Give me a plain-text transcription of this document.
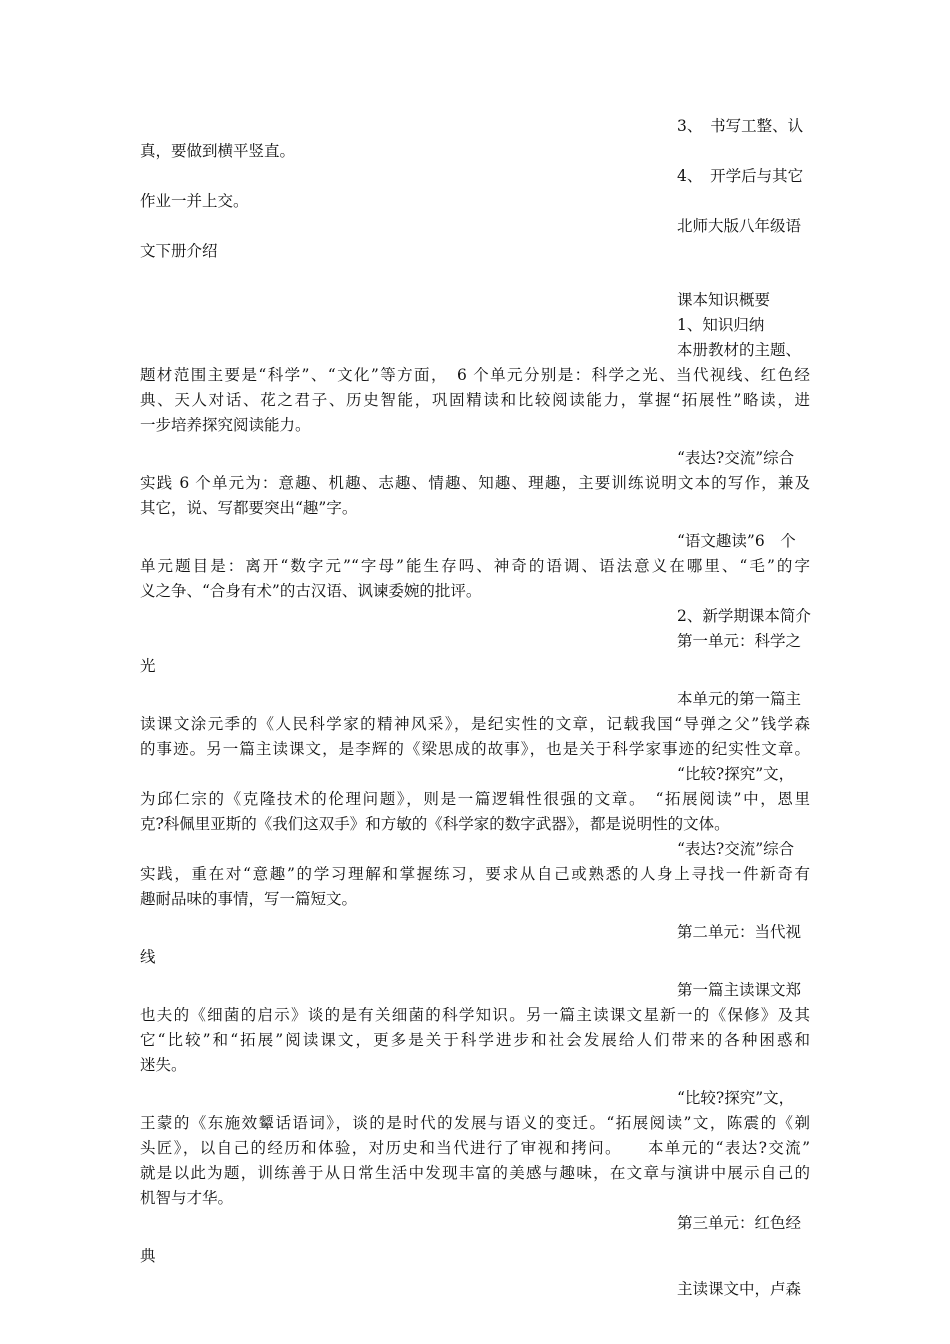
3、　书写工整、认
真，要做到横平竖直。
4、　开学后与其它
作业一并上交。
北师大版八年级语
文下册介绍
课本知识概要
1、知识归纳
本册教材的主题、
题材范围主要是“科学”、“文化”等方面，　6 个单元分别是：科学之光、当代视线、红色经
典、天人对话、花之君子、历史智能，巩固精读和比较阅读能力，掌握“拓展性”略读，进
一步培养探究阅读能力。
“表达?交流”综合
实践 6 个单元为：意趣、机趣、志趣、情趣、知趣、理趣，主要训练说明文本的写作，兼及
其它，说、写都要突出“趣”字。
“语文趣读”6　个
单元题目是：离开“数字元”“字母”能生存吗、神奇的语调、语法意义在哪里、“毛”的字
义之争、“合身有术”的古汉语、讽谏委婉的批评。
2、新学期课本简介
第一单元：科学之
光
本单元的第一篇主
读课文涂元季的《人民科学家的精神风采》，是纪实性的文章，记载我国“导弹之父”钱学森
的事迹。另一篇主读课文，是李辉的《梁思成的故事》，也是关于科学家事迹的纪实性文章。
“比较?探究”文，
为邱仁宗的《克隆技术的伦理问题》，则是一篇逻辑性很强的文章。　“拓展阅读”中，恩里
克?科佩里亚斯的《我们这双手》和方敏的《科学家的数字武器》，都是说明性的文体。
“表达?交流”综合
实践，重在对“意趣”的学习理解和掌握练习，要求从自己或熟悉的人身上寻找一件新奇有
趣耐品味的事情，写一篇短文。
第二单元：当代视
线
第一篇主读课文郑
也夫的《细菌的启示》谈的是有关细菌的科学知识。另一篇主读课文星新一的《保修》及其
它“比较”和“拓展”阅读课文，更多是关于科学进步和社会发展给人们带来的各种困惑和
迷失。
“比较?探究”文，
王蒙的《东施效颦话语词》，谈的是时代的发展与语义的变迁。“拓展阅读”文，陈震的《剃
头匠》，以自己的经历和体验，对历史和当代进行了审视和拷问。　　本单元的“表达?交流”
就是以此为题，训练善于从日常生活中发现丰富的美感与趣味，在文章与演讲中展示自己的
机智与才华。
第三单元：红色经
典
主读课文中，卢森
